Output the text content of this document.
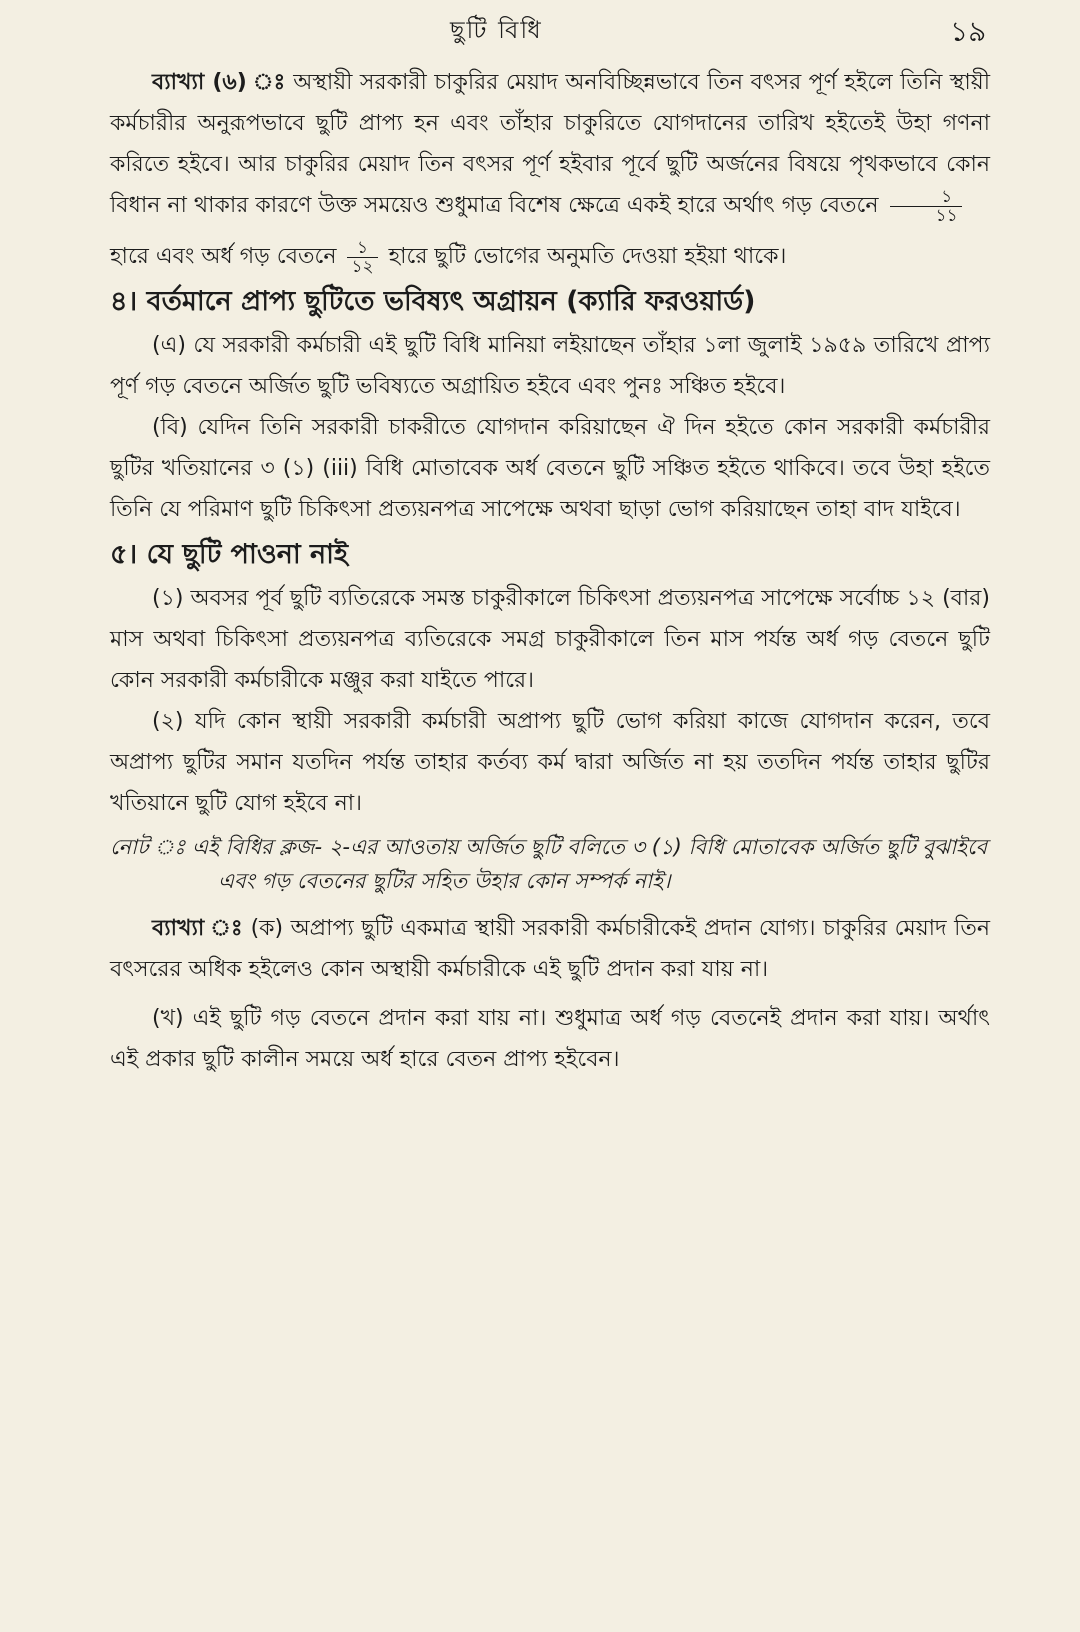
ছুটি বিধি	১৯

ব্যাখ্যা (৬) ঃ অস্থায়ী সরকারী চাকুরির মেয়াদ অনবিচ্ছিন্নভাবে তিন বৎসর পূর্ণ হইলে তিনি স্থায়ী কর্মচারীর অনুরূপভাবে ছুটি প্রাপ্য হন এবং তাঁহার চাকুরিতে যোগদানের তারিখ হইতেই উহা গণনা করিতে হইবে। আর চাকুরির মেয়াদ তিন বৎসর পূর্ণ হইবার পূর্বে ছুটি অর্জনের বিষয়ে পৃথকভাবে কোন বিধান না থাকার কারণে উক্ত সময়েও শুধুমাত্র বিশেষ ক্ষেত্রে একই হারে অর্থাৎ গড় বেতনে $\frac{১}{১১}$

হারে এবং অর্ধ গড় বেতনে $\frac{১}{১২}$ হারে ছুটি ভোগের অনুমতি দেওয়া হইয়া থাকে।

৪। বর্তমানে প্রাপ্য ছুটিতে ভবিষ্যৎ অগ্রায়ন (ক্যারি ফরওয়ার্ড)

(এ) যে সরকারী কর্মচারী এই ছুটি বিধি মানিয়া লইয়াছেন তাঁহার ১লা জুলাই ১৯৫৯ তারিখে প্রাপ্য পূর্ণ গড় বেতনে অর্জিত ছুটি ভবিষ্যতে অগ্রায়িত হইবে এবং পুনঃ সঞ্চিত হইবে।

(বি) যেদিন তিনি সরকারী চাকরীতে যোগদান করিয়াছেন ঐ দিন হইতে কোন সরকারী কর্মচারীর ছুটির খতিয়ানের ৩ (১) (iii) বিধি মোতাবেক অর্ধ বেতনে ছুটি সঞ্চিত হইতে থাকিবে। তবে উহা হইতে তিনি যে পরিমাণ ছুটি চিকিৎসা প্রত্যয়নপত্র সাপেক্ষে অথবা ছাড়া ভোগ করিয়াছেন তাহা বাদ যাইবে।

৫। যে ছুটি পাওনা নাই

(১) অবসর পূর্ব ছুটি ব্যতিরেকে সমস্ত চাকুরীকালে চিকিৎসা প্রত্যয়নপত্র সাপেক্ষে সর্বোচ্চ ১২ (বার) মাস অথবা চিকিৎসা প্রত্যয়নপত্র ব্যতিরেকে সমগ্র চাকুরীকালে তিন মাস পর্যন্ত অর্ধ গড় বেতনে ছুটি কোন সরকারী কর্মচারীকে মঞ্জুর করা যাইতে পারে।

(২) যদি কোন স্থায়ী সরকারী কর্মচারী অপ্রাপ্য ছুটি ভোগ করিয়া কাজে যোগদান করেন, তবে অপ্রাপ্য ছুটির সমান যতদিন পর্যন্ত তাহার কর্তব্য কর্ম দ্বারা অর্জিত না হয় ততদিন পর্যন্ত তাহার ছুটির খতিয়ানে ছুটি যোগ হইবে না।

নোট ঃ এই বিধির ক্লজ- ২-এর আওতায় অর্জিত ছুটি বলিতে ৩ (১) বিধি মোতাবেক অর্জিত ছুটি বুঝাইবে এবং গড় বেতনের ছুটির সহিত উহার কোন সম্পর্ক নাই।

ব্যাখ্যা ঃ (ক) অপ্রাপ্য ছুটি একমাত্র স্থায়ী সরকারী কর্মচারীকেই প্রদান যোগ্য। চাকুরির মেয়াদ তিন বৎসরের অধিক হইলেও কোন অস্থায়ী কর্মচারীকে এই ছুটি প্রদান করা যায় না।

(খ) এই ছুটি গড় বেতনে প্রদান করা যায় না। শুধুমাত্র অর্ধ গড় বেতনেই প্রদান করা যায়। অর্থাৎ এই প্রকার ছুটি কালীন সময়ে অর্ধ হারে বেতন প্রাপ্য হইবেন।
